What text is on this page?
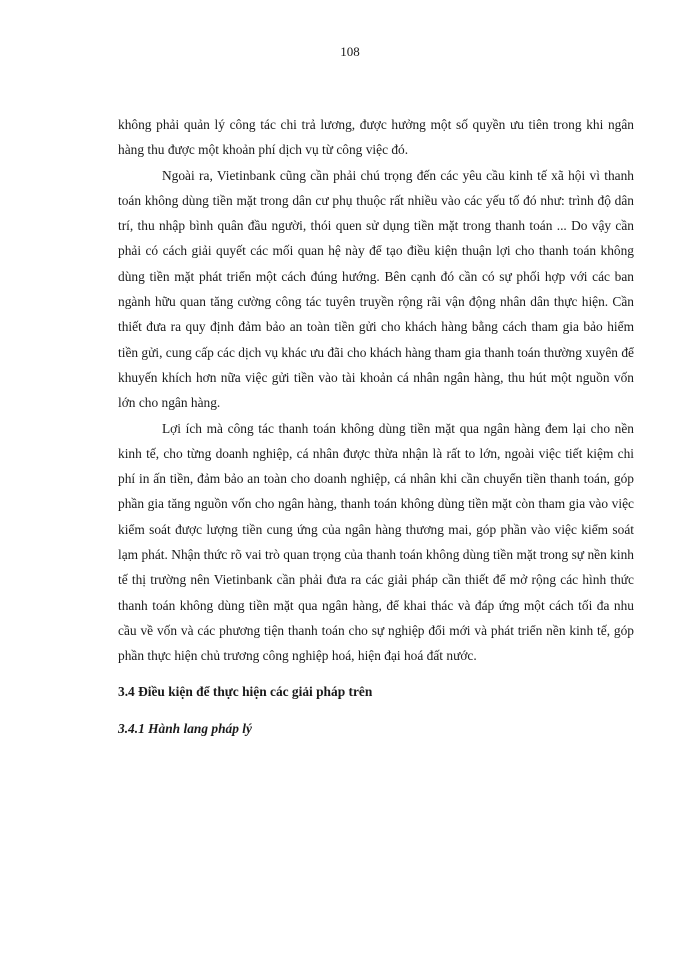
108

không phải quản lý công tác chi trả lương, được hưởng một số quyền ưu tiên trong khi ngân hàng thu được một khoản phí dịch vụ từ công việc đó.

Ngoài ra, Vietinbank cũng cần phải chú trọng đến các yêu cầu kinh tế xã hội vì thanh toán không dùng tiền mặt trong dân cư phụ thuộc rất nhiều vào các yếu tố đó như: trình độ dân trí, thu nhập bình quân đầu người, thói quen sử dụng tiền mặt trong thanh toán ... Do vậy cần phải có cách giải quyết các mối quan hệ này để tạo điều kiện thuận lợi cho thanh toán không dùng tiền mặt phát triển một cách đúng hướng. Bên cạnh đó cần có sự phối hợp với các ban ngành hữu quan tăng cường công tác tuyên truyền rộng rãi vận động nhân dân thực hiện. Cần thiết đưa ra quy định đảm bảo an toàn tiền gửi cho khách hàng bằng cách tham gia bảo hiểm tiền gửi, cung cấp các dịch vụ khác ưu đãi cho khách hàng tham gia thanh toán thường xuyên để khuyến khích hơn nữa việc gửi tiền vào tài khoản cá nhân ngân hàng, thu hút một nguồn vốn lớn cho ngân hàng.

Lợi ích mà công tác thanh toán không dùng tiền mặt qua ngân hàng đem lại cho nền kinh tế, cho từng doanh nghiệp, cá nhân được thừa nhận là rất to lớn, ngoài việc tiết kiệm chi phí in ấn tiền, đảm bảo an toàn cho doanh nghiệp, cá nhân khi cần chuyển tiền thanh toán, góp phần gia tăng nguồn vốn cho ngân hàng, thanh toán không dùng tiền mặt còn tham gia vào việc kiểm soát được lượng tiền cung ứng của ngân hàng thương mai, góp phần vào việc kiểm soát lạm phát. Nhận thức rõ vai trò quan trọng của thanh toán không dùng tiền mặt trong sự nền kinh tế thị trường nên Vietinbank cần phải đưa ra các giải pháp cần thiết để mở rộng các hình thức thanh toán không dùng tiền mặt qua ngân hàng, để khai thác và đáp ứng một cách tối đa nhu cầu về vốn và các phương tiện thanh toán cho sự nghiệp đổi mới và phát triển nền kinh tế, góp phần thực hiện chủ trương công nghiệp hoá, hiện đại hoá đất nước.

3.4 Điều kiện để thực hiện các giải pháp trên

3.4.1 Hành lang pháp lý
